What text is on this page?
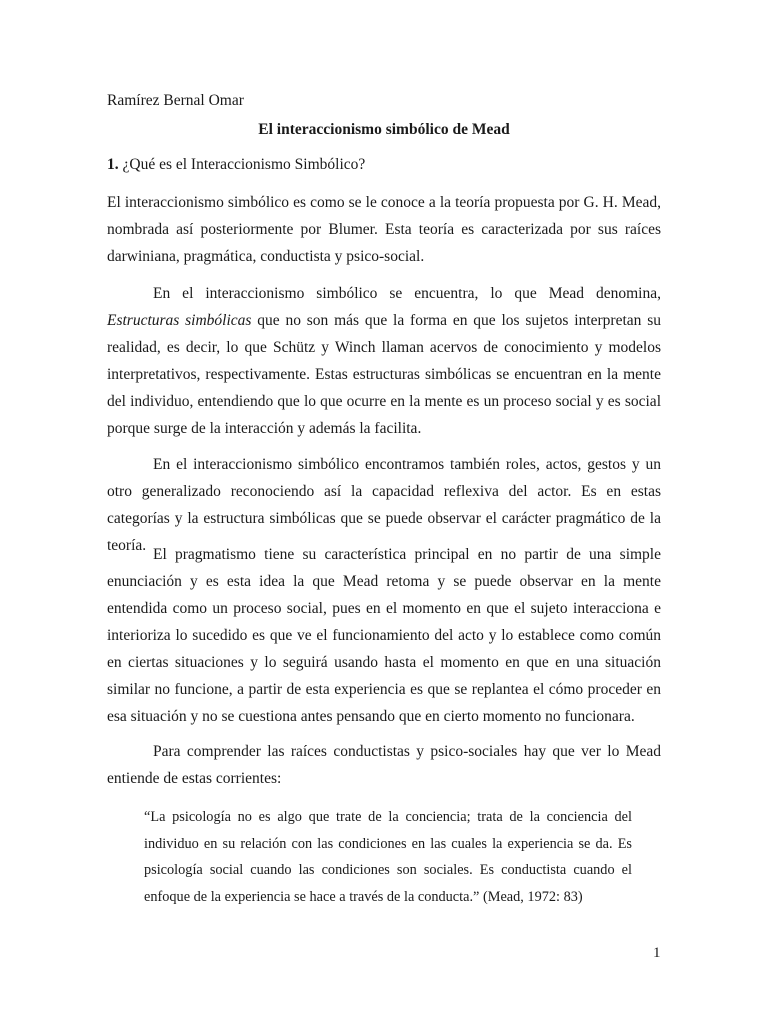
Ramírez Bernal Omar
El interaccionismo simbólico de Mead
1. ¿Qué es el Interaccionismo Simbólico?

El interaccionismo simbólico es como se le conoce a la teoría propuesta por G. H. Mead, nombrada así posteriormente por Blumer. Esta teoría es caracterizada por sus raíces darwiniana, pragmática, conductista y psico-social.

En el interaccionismo simbólico se encuentra, lo que Mead denomina, Estructuras simbólicas que no son más que la forma en que los sujetos interpretan su realidad, es decir, lo que Schütz y Winch llaman acervos de conocimiento y modelos interpretativos, respectivamente. Estas estructuras simbólicas se encuentran en la mente del individuo, entendiendo que lo que ocurre en la mente es un proceso social y es social porque surge de la interacción y además la facilita.

En el interaccionismo simbólico encontramos también roles, actos, gestos y un otro generalizado reconociendo así la capacidad reflexiva del actor. Es en estas categorías y la estructura simbólicas que se puede observar el carácter pragmático de la teoría.

El pragmatismo tiene su característica principal en no partir de una simple enunciación y es esta idea la que Mead retoma y se puede observar en la mente entendida como un proceso social, pues en el momento en que el sujeto interacciona e interioriza lo sucedido es que ve el funcionamiento del acto y lo establece como común en ciertas situaciones y lo seguirá usando hasta el momento en que en una situación similar no funcione, a partir de esta experiencia es que se replantea el cómo proceder en esa situación y no se cuestiona antes pensando que en cierto momento no funcionara.

Para comprender las raíces conductistas y psico-sociales hay que ver lo Mead entiende de estas corrientes:

“La psicología no es algo que trate de la conciencia; trata de la conciencia del individuo en su relación con las condiciones en las cuales la experiencia se da. Es psicología social cuando las condiciones son sociales. Es conductista cuando el enfoque de la experiencia se hace a través de la conducta.” (Mead, 1972: 83)

1
